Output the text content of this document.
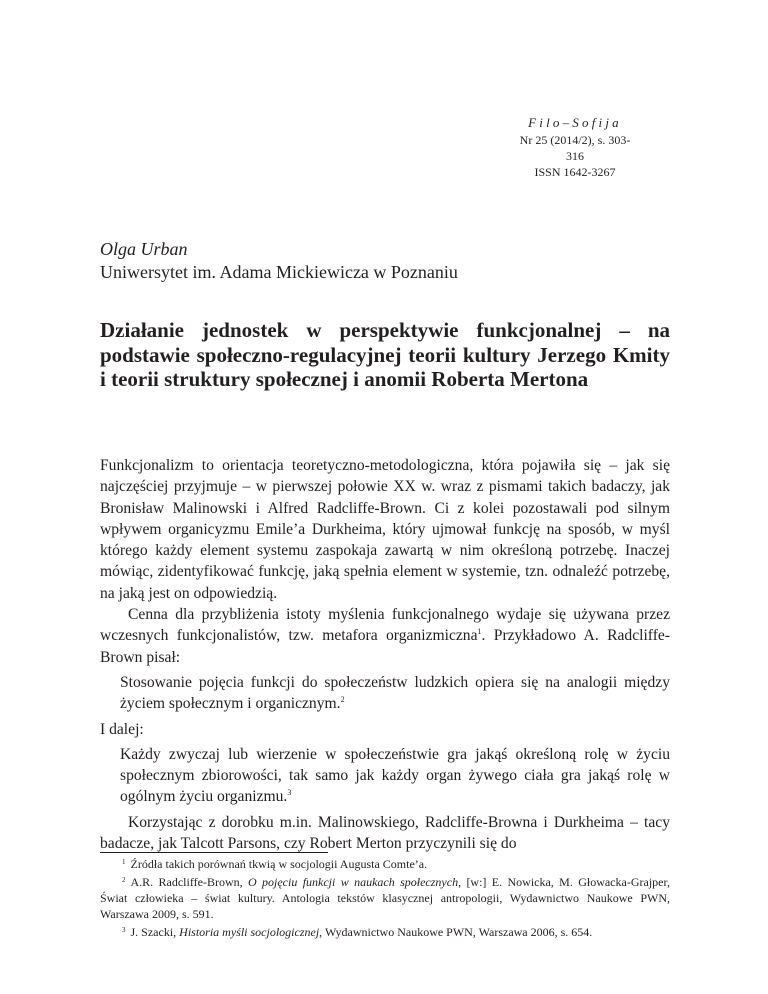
Filo–Sofija
Nr 25 (2014/2), s. 303-316
ISSN 1642-3267
Olga Urban
Uniwersytet im. Adama Mickiewicza w Poznaniu
Działanie jednostek w perspektywie funkcjonalnej – na podstawie społeczno-regulacyjnej teorii kultury Jerzego Kmity i teorii struktury społecznej i anomii Roberta Mertona

Funkcjonalizm to orientacja teoretyczno-metodologiczna, która pojawiła się – jak się najczęściej przyjmuje – w pierwszej połowie XX w. wraz z pismami takich badaczy, jak Bronisław Malinowski i Alfred Radcliffe-Brown. Ci z kolei pozostawali pod silnym wpływem organicyzmu Emile’a Durkheima, który ujmował funkcję na sposób, w myśl którego każdy element systemu zaspokaja zawartą w nim określoną potrzebę. Inaczej mówiąc, zidentyfikować funkcję, jaką spełnia element w systemie, tzn. odnaleźć potrzebę, na jaką jest on odpowiedzią.

Cenna dla przybliżenia istoty myślenia funkcjonalnego wydaje się używana przez wczesnych funkcjonalistów, tzw. metafora organizmiczna$^1$. Przykładowo A. Radcliffe-Brown pisał:

Stosowanie pojęcia funkcji do społeczeństw ludzkich opiera się na analogii między życiem społecznym i organicznym.$^2$

I dalej:

Każdy zwyczaj lub wierzenie w społeczeństwie gra jakąś określoną rolę w życiu społecznym zbiorowości, tak samo jak każdy organ żywego ciała gra jakąś rolę w ogólnym życiu organizmu.$^3$

Korzystając z dorobku m.in. Malinowskiego, Radcliffe-Browna i Durkheima – tacy badacze, jak Talcott Parsons, czy Robert Merton przyczynili się do

$^1$ Źródła takich porównań tkwią w socjologii Augusta Comte’a.

$^2$ A.R. Radcliffe-Brown, O pojęciu funkcji w naukach społecznych, [w:] E. Nowicka, M. Głowacka-Grajper, Świat człowieka – świat kultury. Antologia tekstów klasycznej antropologii, Wydawnictwo Naukowe PWN, Warszawa 2009, s. 591.

$^3$ J. Szacki, Historia myśli socjologicznej, Wydawnictwo Naukowe PWN, Warszawa 2006, s. 654.
